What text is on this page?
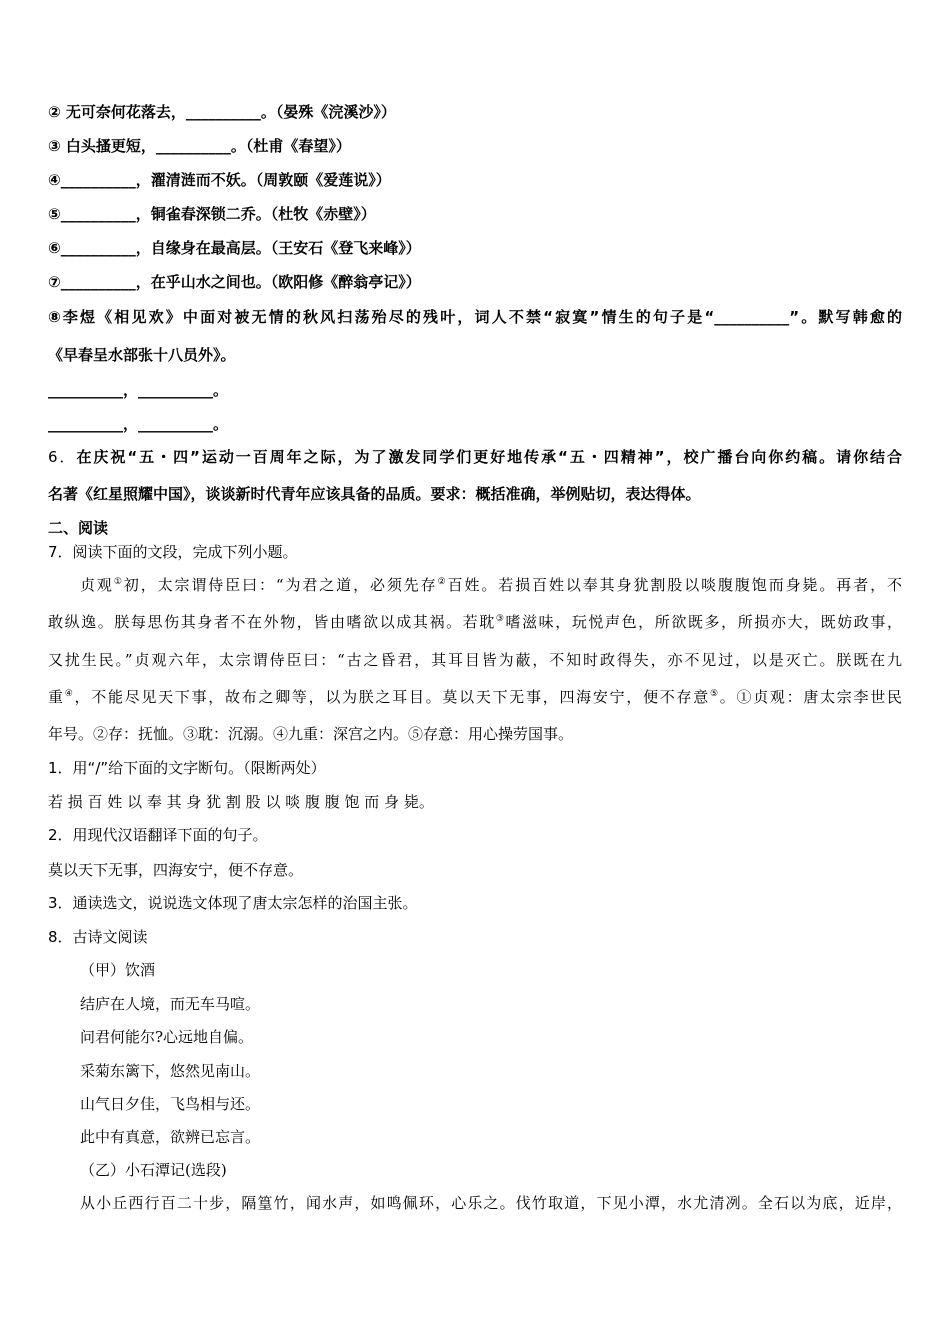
② 无可奈何花落去，__________。（晏殊《浣溪沙》）
③ 白头搔更短，__________。（杜甫《春望》）
④__________，濯清涟而不妖。（周敦颐《爱莲说》）
⑤__________，铜雀春深锁二乔。（杜牧《赤壁》）
⑥__________，自缘身在最高层。（王安石《登飞来峰》）
⑦__________，在乎山水之间也。（欧阳修《醉翁亭记》）
⑧李煜《相见欢》中面对被无情的秋风扫荡殆尽的残叶，词人不禁“寂寞”情生的句子是“__________”。默写韩愈的
《早春呈水部张十八员外》。
__________，__________。
__________，__________。
6．在庆祝“五・四”运动一百周年之际，为了激发同学们更好地传承“五・四精神”，校广播台向你约稿。请你结合
名著《红星照耀中国》，谈谈新时代青年应该具备的品质。要求：概括准确，举例贴切，表达得体。
二、阅读
7．阅读下面的文段，完成下列小题。
贞观①初，太宗谓侍臣曰：“为君之道，必须先存②百姓。若损百姓以奉其身犹割股以啖腹腹饱而身毙。再者，不
敢纵逸。朕每思伤其身者不在外物，皆由嗜欲以成其祸。若耽③嗜滋味，玩悦声色，所欲既多，所损亦大，既妨政事，
又扰生民。”贞观六年，太宗谓侍臣曰：“古之昏君，其耳目皆为蔽，不知时政得失，亦不见过，以是灭亡。朕既在九
重④，不能尽见天下事，故布之卿等，以为朕之耳目。莫以天下无事，四海安宁，便不存意⑤。①贞观：唐太宗李世民
年号。②存：抚恤。③耽：沉溺。④九重：深宫之内。⑤存意：用心操劳国事。
1．用“/”给下面的文字断句。（限断两处）
若 损 百 姓 以 奉 其 身 犹 割 股 以 啖 腹 腹 饱 而 身 毙。
2．用现代汉语翻译下面的句子。
莫以天下无事，四海安宁，便不存意。
3．通读选文，说说选文体现了唐太宗怎样的治国主张。
8．古诗文阅读
（甲）饮酒
结庐在人境，而无车马喧。
问君何能尔?心远地自偏。
采菊东篱下，悠然见南山。
山气日夕佳，飞鸟相与还。
此中有真意，欲辨已忘言。
（乙）小石潭记(选段)
从小丘西行百二十步，隔篁竹，闻水声，如鸣佩环，心乐之。伐竹取道，下见小潭，水尤清冽。全石以为底，近岸，
